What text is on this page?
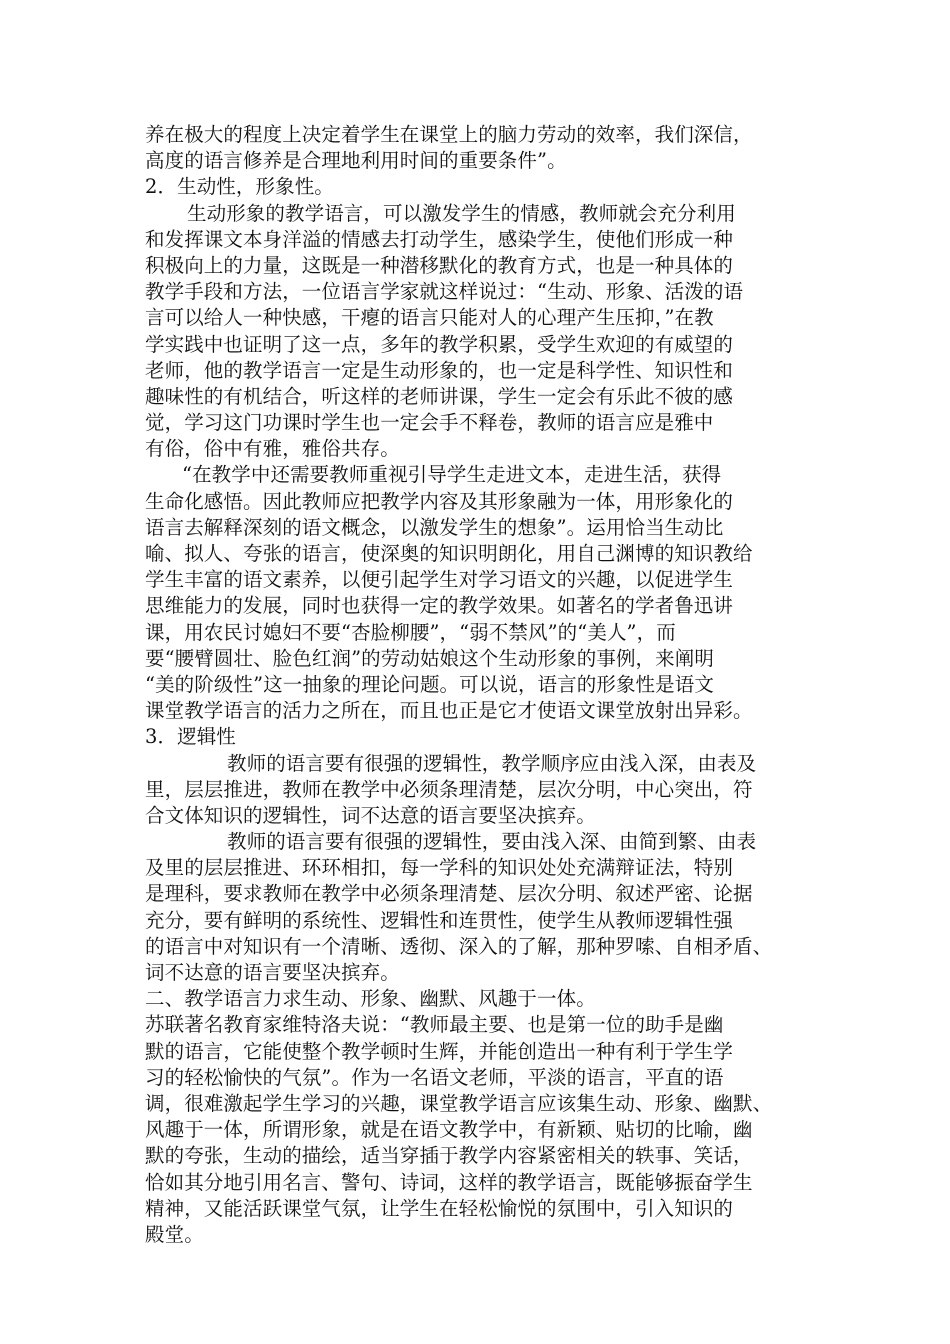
养在极大的程度上决定着学生在课堂上的脑力劳动的效率，我们深信，
高度的语言修养是合理地利用时间的重要条件”。
2．生动性，形象性。
生动形象的教学语言，可以激发学生的情感，教师就会充分利用
和发挥课文本身洋溢的情感去打动学生，感染学生，使他们形成一种
积极向上的力量，这既是一种潜移默化的教育方式，也是一种具体的
教学手段和方法，一位语言学家就这样说过：“生动、形象、活泼的语
言可以给人一种快感，干瘪的语言只能对人的心理产生压抑，”在教
学实践中也证明了这一点，多年的教学积累，受学生欢迎的有威望的
老师，他的教学语言一定是生动形象的，也一定是科学性、知识性和
趣味性的有机结合，听这样的老师讲课，学生一定会有乐此不彼的感
觉，学习这门功课时学生也一定会手不释卷，教师的语言应是雅中
有俗，俗中有雅，雅俗共存。
“在教学中还需要教师重视引导学生走进文本，走进生活，获得
生命化感悟。因此教师应把教学内容及其形象融为一体，用形象化的
语言去解释深刻的语文概念，以激发学生的想象”。运用恰当生动比
喻、拟人、夸张的语言，使深奥的知识明朗化，用自己渊博的知识教给
学生丰富的语文素养，以便引起学生对学习语文的兴趣，以促进学生
思维能力的发展，同时也获得一定的教学效果。如著名的学者鲁迅讲
课，用农民讨媳妇不要“杏脸柳腰”，“弱不禁风”的“美人”，而
要“腰臂圆壮、脸色红润”的劳动姑娘这个生动形象的事例，来阐明
“美的阶级性”这一抽象的理论问题。可以说，语言的形象性是语文
课堂教学语言的活力之所在，而且也正是它才使语文课堂放射出异彩。
3．逻辑性
教师的语言要有很强的逻辑性，教学顺序应由浅入深，由表及
里，层层推进，教师在教学中必须条理清楚，层次分明，中心突出，符
合文体知识的逻辑性，词不达意的语言要坚决摈弃。
教师的语言要有很强的逻辑性，要由浅入深、由简到繁、由表
及里的层层推进、环环相扣，每一学科的知识处处充满辩证法，特别
是理科，要求教师在教学中必须条理清楚、层次分明、叙述严密、论据
充分，要有鲜明的系统性、逻辑性和连贯性，使学生从教师逻辑性强
的语言中对知识有一个清晰、透彻、深入的了解，那种罗嗦、自相矛盾、
词不达意的语言要坚决摈弃。
二、教学语言力求生动、形象、幽默、风趣于一体。
苏联著名教育家维特洛夫说：“教师最主要、也是第一位的助手是幽
默的语言，它能使整个教学顿时生辉，并能创造出一种有利于学生学
习的轻松愉快的气氛”。作为一名语文老师，平淡的语言，平直的语
调，很难激起学生学习的兴趣，课堂教学语言应该集生动、形象、幽默、
风趣于一体，所谓形象，就是在语文教学中，有新颖、贴切的比喻，幽
默的夸张，生动的描绘，适当穿插于教学内容紧密相关的轶事、笑话，
恰如其分地引用名言、警句、诗词，这样的教学语言，既能够振奋学生
精神，又能活跃课堂气氛，让学生在轻松愉悦的氛围中，引入知识的
殿堂。
